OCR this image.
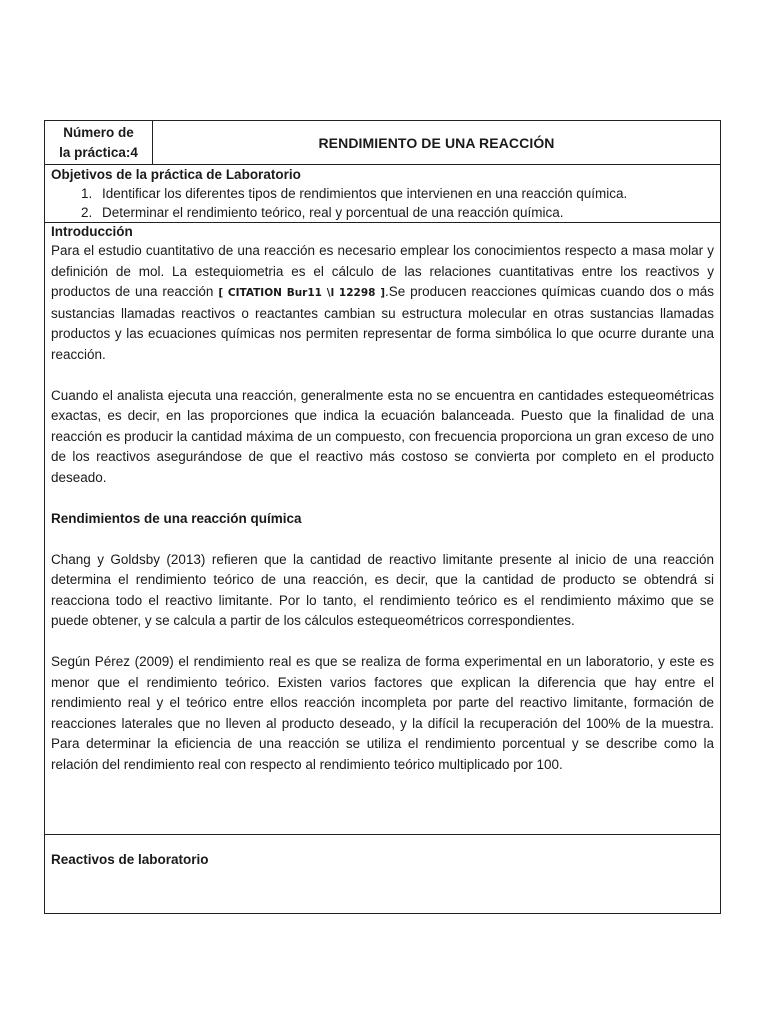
Número de
la práctica:4
RENDIMIENTO DE UNA REACCIÓN
Objetivos de la práctica de Laboratorio
1. Identificar los diferentes tipos de rendimientos que intervienen en una reacción química.
2. Determinar el rendimiento teórico, real y porcentual de una reacción química.
Introducción

Para el estudio cuantitativo de una reacción es necesario emplear los conocimientos respecto a masa molar y definición de mol. La estequiometria es el cálculo de las relaciones cuantitativas entre los reactivos y productos de una reacción [ CITATION Bur11 \l 12298 ].Se producen reacciones químicas cuando dos o más sustancias llamadas reactivos o reactantes cambian su estructura molecular en otras sustancias llamadas productos y las ecuaciones químicas nos permiten representar de forma simbólica lo que ocurre durante una reacción.

Cuando el analista ejecuta una reacción, generalmente esta no se encuentra en cantidades estequeométricas exactas, es decir, en las proporciones que indica la ecuación balanceada. Puesto que la finalidad de una reacción es producir la cantidad máxima de un compuesto, con frecuencia proporciona un gran exceso de uno de los reactivos asegurándose de que el reactivo más costoso se convierta por completo en el producto deseado.

Rendimientos de una reacción química

Chang y Goldsby (2013) refieren que la cantidad de reactivo limitante presente al inicio de una reacción determina el rendimiento teórico de una reacción, es decir, que la cantidad de producto se obtendrá si reacciona todo el reactivo limitante. Por lo tanto, el rendimiento teórico es el rendimiento máximo que se puede obtener, y se calcula a partir de los cálculos estequeométricos correspondientes.

Según Pérez (2009) el rendimiento real es que se realiza de forma experimental en un laboratorio, y este es menor que el rendimiento teórico. Existen varios factores que explican la diferencia que hay entre el rendimiento real y el teórico entre ellos reacción incompleta por parte del reactivo limitante, formación de reacciones laterales que no lleven al producto deseado, y la difícil la recuperación del 100% de la muestra. Para determinar la eficiencia de una reacción se utiliza el rendimiento porcentual y se describe como la relación del rendimiento real con respecto al rendimiento teórico multiplicado por 100.

Reactivos de laboratorio
